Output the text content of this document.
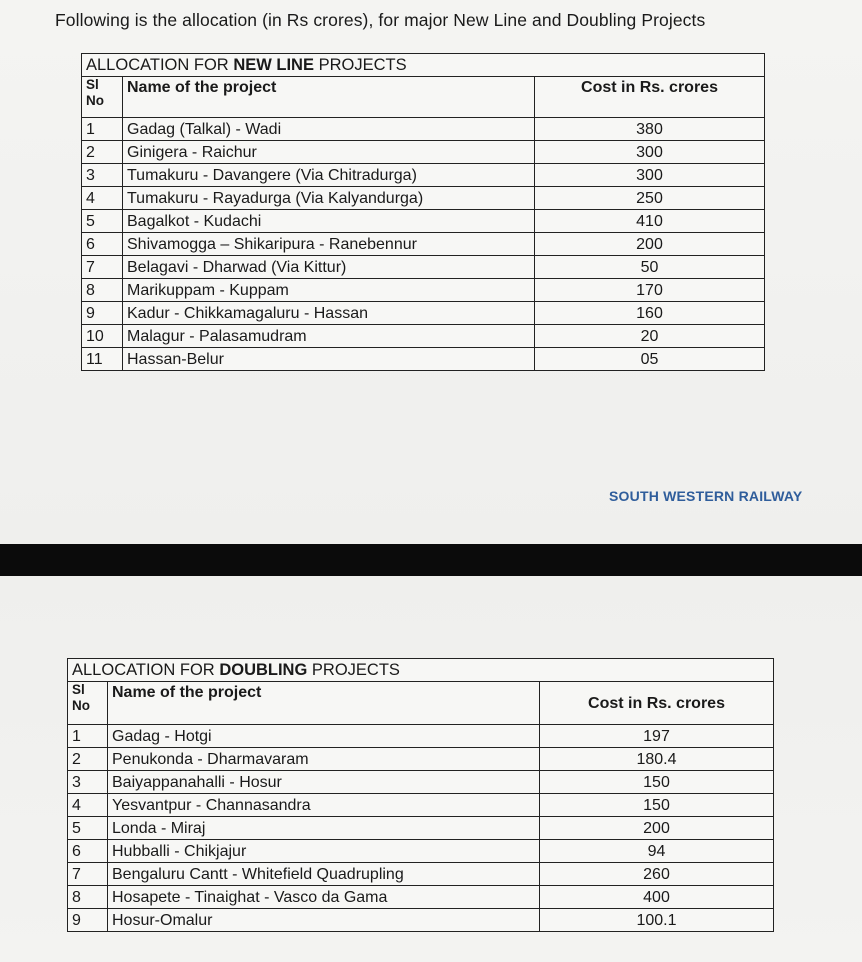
Following is the allocation (in Rs crores), for major New Line and Doubling Projects
ALLOCATION FOR NEW LINE PROJECTS		
Sl
No	Name of the project	Cost in Rs. crores
1	Gadag (Talkal) - Wadi	380
2	Ginigera - Raichur	300
3	Tumakuru - Davangere (Via Chitradurga)	300
4	Tumakuru - Rayadurga (Via Kalyandurga)	250
5	Bagalkot - Kudachi	410
6	Shivamogga – Shikaripura - Ranebennur	200
7	Belagavi - Dharwad (Via Kittur)	50
8	Marikuppam - Kuppam	170
9	Kadur - Chikkamagaluru - Hassan	160
10	Malagur - Palasamudram	20
11	Hassan-Belur	05
SOUTH WESTERN RAILWAY
ALLOCATION FOR DOUBLING PROJECTS		
Sl
No	Name of the project	Cost in Rs. crores
1	Gadag - Hotgi	197
2	Penukonda - Dharmavaram	180.4
3	Baiyappanahalli - Hosur	150
4	Yesvantpur - Channasandra	150
5	Londa - Miraj	200
6	Hubballi - Chikjajur	94
7	Bengaluru Cantt - Whitefield Quadrupling	260
8	Hosapete - Tinaighat - Vasco da Gama	400
9	Hosur-Omalur	100.1
